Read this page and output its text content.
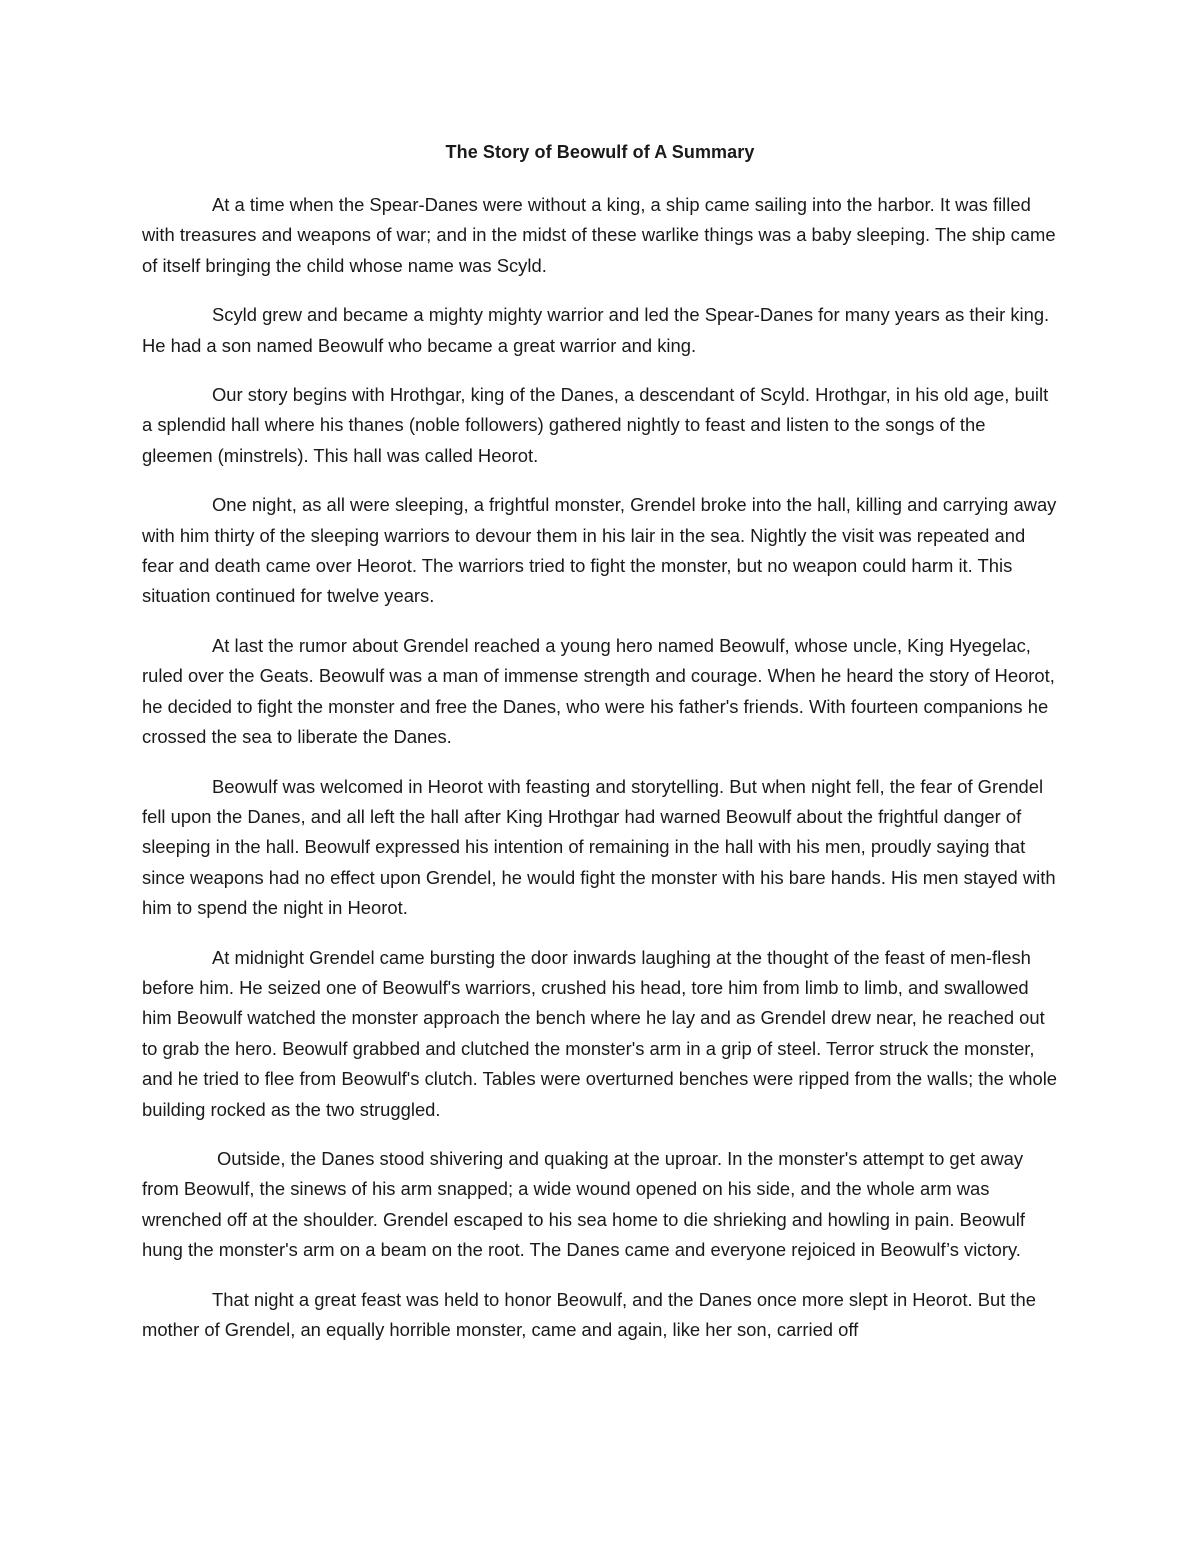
The Story of Beowulf of A Summary

At a time when the Spear-Danes were without a king, a ship came sailing into the harbor. It was filled with treasures and weapons of war; and in the midst of these warlike things was a baby sleeping. The ship came of itself bringing the child whose name was Scyld.

Scyld grew and became a mighty mighty warrior and led the Spear-Danes for many years as their king. He had a son named Beowulf who became a great warrior and king.

Our story begins with Hrothgar, king of the Danes, a descendant of Scyld. Hrothgar, in his old age, built a splendid hall where his thanes (noble followers) gathered nightly to feast and listen to the songs of the gleemen (minstrels). This hall was called Heorot.

One night, as all were sleeping, a frightful monster, Grendel broke into the hall, killing and carrying away with him thirty of the sleeping warriors to devour them in his lair in the sea. Nightly the visit was repeated and fear and death came over Heorot. The warriors tried to fight the monster, but no weapon could harm it. This situation continued for twelve years.

At last the rumor about Grendel reached a young hero named Beowulf, whose uncle, King Hyegelac, ruled over the Geats. Beowulf was a man of immense strength and courage. When he heard the story of Heorot, he decided to fight the monster and free the Danes, who were his father's friends. With fourteen companions he crossed the sea to liberate the Danes.

Beowulf was welcomed in Heorot with feasting and storytelling. But when night fell, the fear of Grendel fell upon the Danes, and all left the hall after King Hrothgar had warned Beowulf about the frightful danger of sleeping in the hall. Beowulf expressed his intention of remaining in the hall with his men, proudly saying that since weapons had no effect upon Grendel, he would fight the monster with his bare hands. His men stayed with him to spend the night in Heorot.

At midnight Grendel came bursting the door inwards laughing at the thought of the feast of men-flesh before him. He seized one of Beowulf's warriors, crushed his head, tore him from limb to limb, and swallowed him Beowulf watched the monster approach the bench where he lay and as Grendel drew near, he reached out to grab the hero. Beowulf grabbed and clutched the monster's arm in a grip of steel. Terror struck the monster, and he tried to flee from Beowulf's clutch. Tables were overturned benches were ripped from the walls; the whole building rocked as the two struggled.

Outside, the Danes stood shivering and quaking at the uproar. In the monster's attempt to get away from Beowulf, the sinews of his arm snapped; a wide wound opened on his side, and the whole arm was wrenched off at the shoulder. Grendel escaped to his sea home to die shrieking and howling in pain. Beowulf hung the monster's arm on a beam on the root. The Danes came and everyone rejoiced in Beowulf’s victory.

That night a great feast was held to honor Beowulf, and the Danes once more slept in Heorot. But the mother of Grendel, an equally horrible monster, came and again, like her son, carried off
